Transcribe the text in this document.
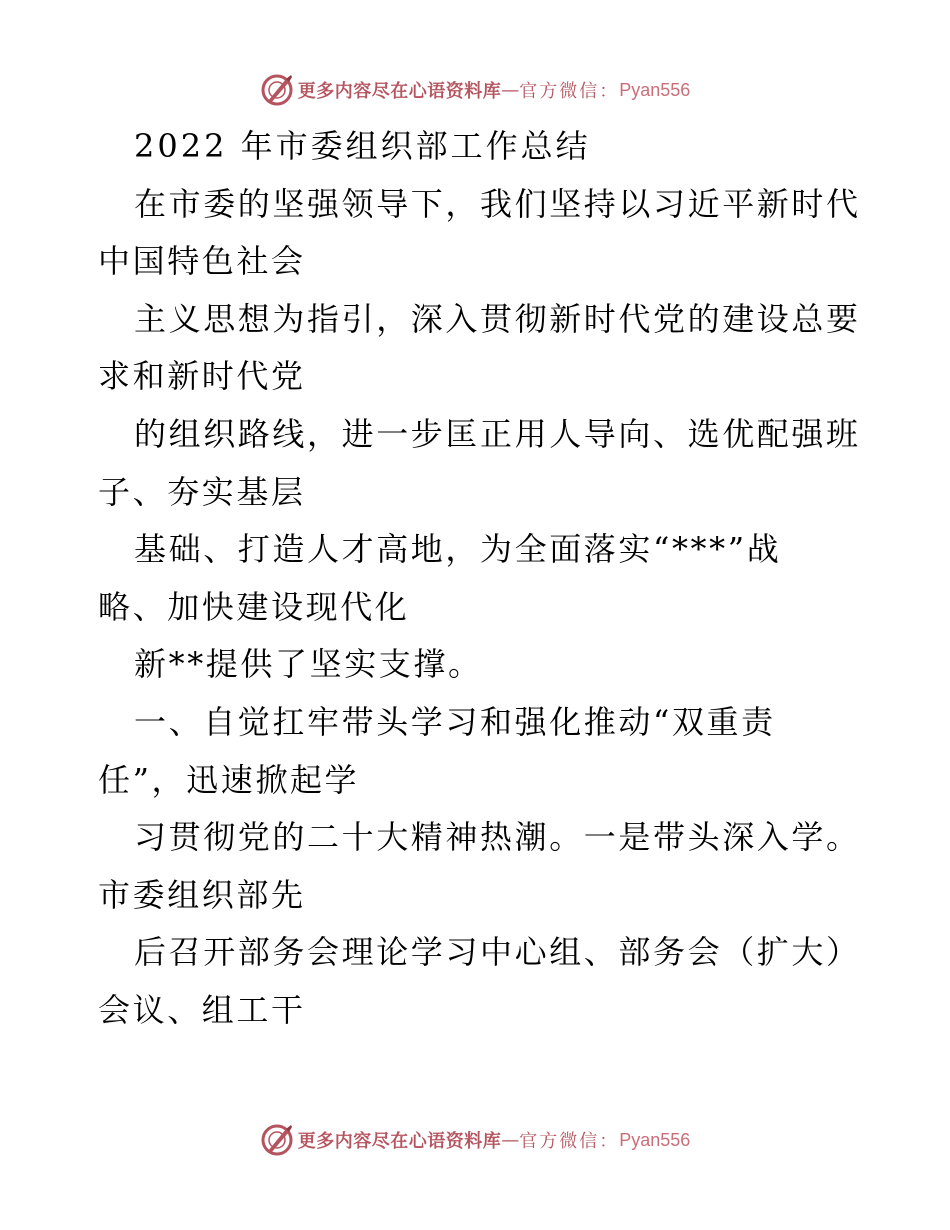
更多内容尽在心语资料库 — 官方微信： Pyan556
2022 年市委组织部工作总结
在市委的坚强领导下，我们坚持以习近平新时代
中国特色社会
主义思想为指引，深入贯彻新时代党的建设总要
求和新时代党
的组织路线，进一步匡正用人导向、选优配强班
子、夯实基层
基础、打造人才高地，为全面落实“***”战
略、加快建设现代化
新**提供了坚实支撑。
一、自觉扛牢带头学习和强化推动“双重责
任”，迅速掀起学
习贯彻党的二十大精神热潮。一是带头深入学。
市委组织部先
后召开部务会理论学习中心组、部务会（扩大）
会议、组工干
更多内容尽在心语资料库 — 官方微信： Pyan556
